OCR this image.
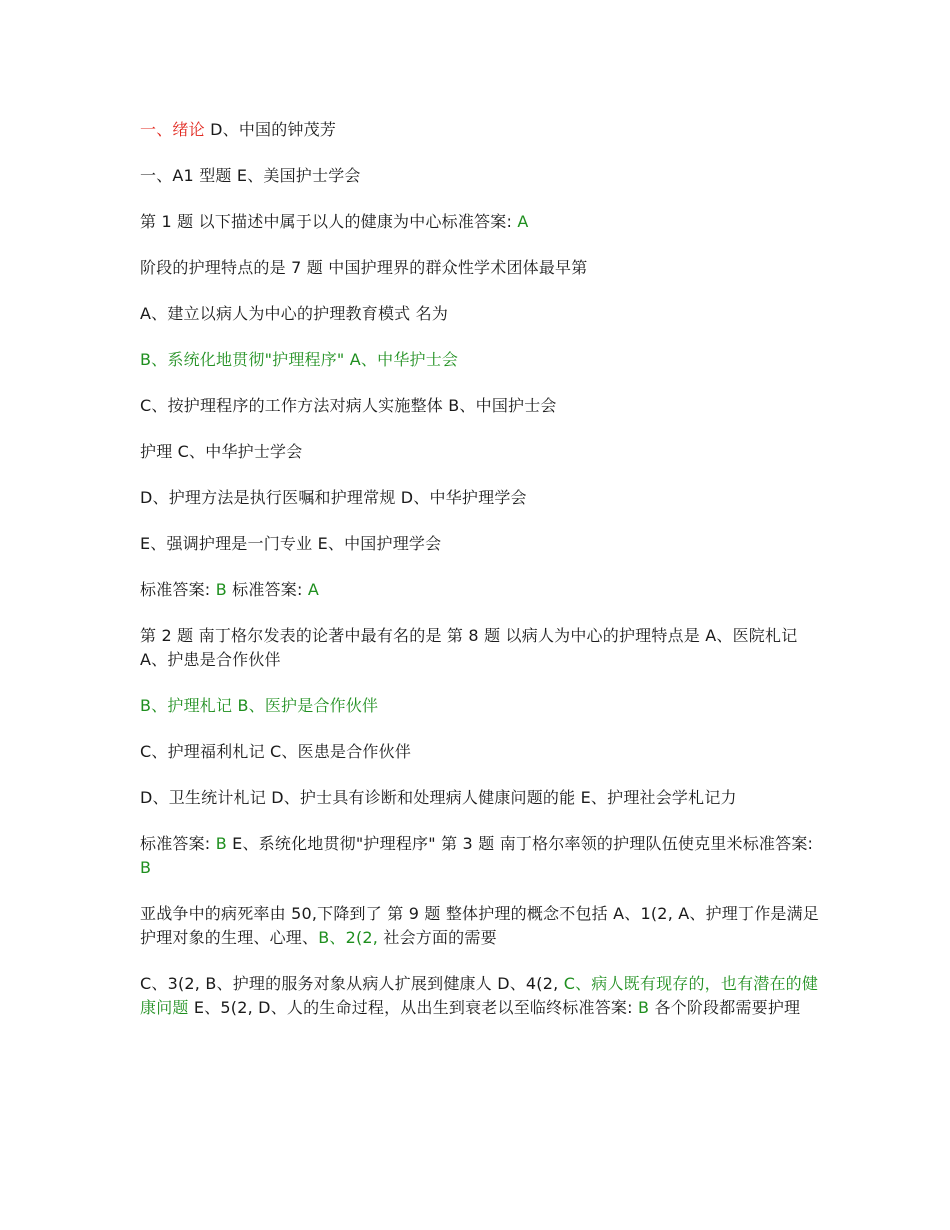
一、绪论 D、中国的钟茂芳

一、A1 型题 E、美国护士学会

第 1 题 以下描述中属于以人的健康为中心标准答案: A

阶段的护理特点的是 7 题 中国护理界的群众性学术团体最早第

A、建立以病人为中心的护理教育模式 名为

B、系统化地贯彻"护理程序" A、中华护士会

C、按护理程序的工作方法对病人实施整体 B、中国护士会

护理 C、中华护士学会

D、护理方法是执行医嘱和护理常规 D、中华护理学会

E、强调护理是一门专业 E、中国护理学会

标准答案: B 标准答案: A

第 2 题 南丁格尔发表的论著中最有名的是 第 8 题 以病人为中心的护理特点是 A、医院札记 A、护患是合作伙伴

B、护理札记 B、医护是合作伙伴

C、护理福利札记 C、医患是合作伙伴

D、卫生统计札记 D、护士具有诊断和处理病人健康问题的能 E、护理社会学札记力

标准答案: B E、系统化地贯彻"护理程序" 第 3 题 南丁格尔率领的护理队伍使克里米标准答案: B

亚战争中的病死率由 50,下降到了 第 9 题 整体护理的概念不包括 A、1(2, A、护理丁作是满足护理对象的生理、心理、B、2(2, 社会方面的需要

C、3(2, B、护理的服务对象从病人扩展到健康人 D、4(2, C、病人既有现存的，也有潜在的健康问题 E、5(2, D、人的生命过程，从出生到衰老以至临终标准答案: B 各个阶段都需要护理
